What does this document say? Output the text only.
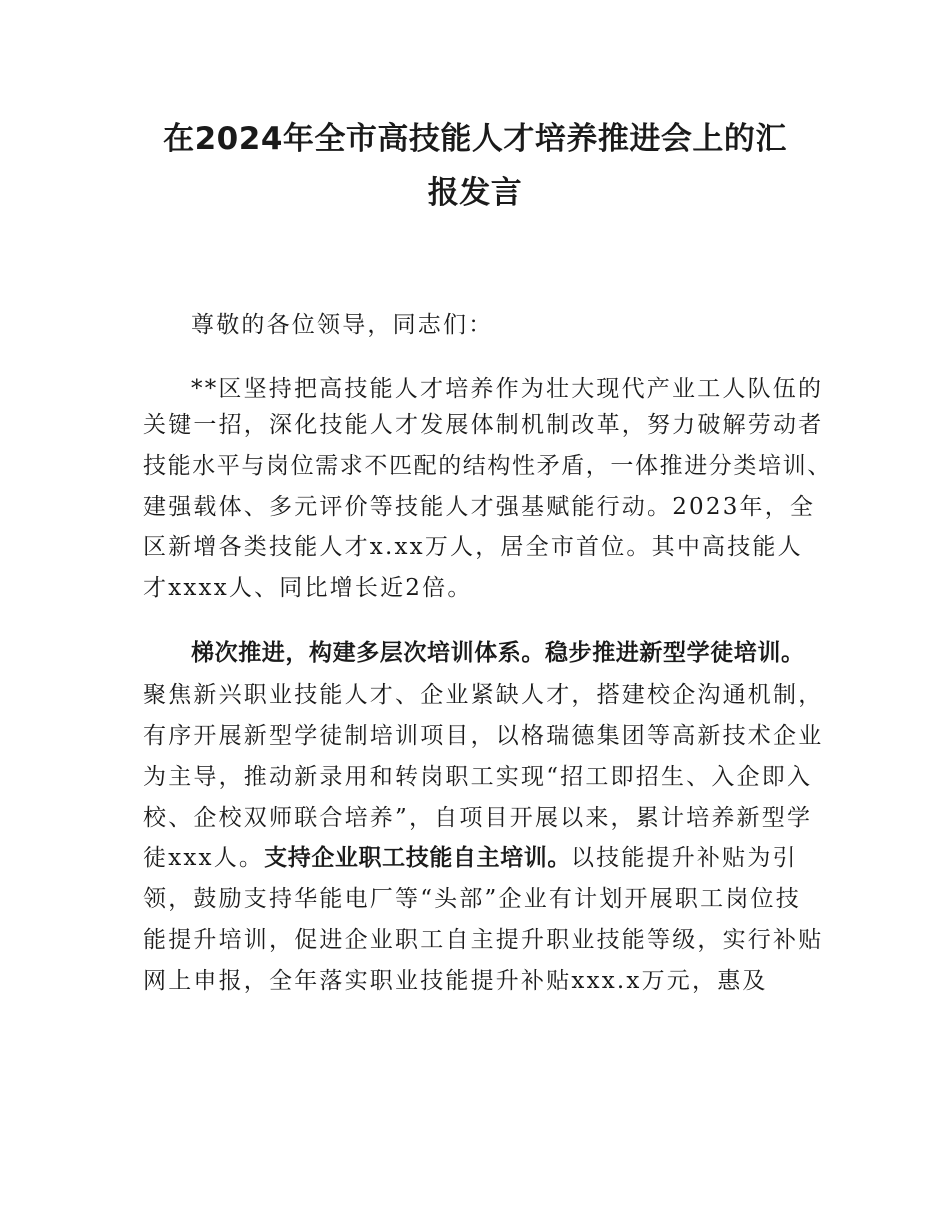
在2024年全市高技能人才培养推进会上的汇
报发言
尊敬的各位领导，同志们：
**区坚持把高技能人才培养作为壮大现代产业工人队伍的
关键一招，深化技能人才发展体制机制改革，努力破解劳动者
技能水平与岗位需求不匹配的结构性矛盾，一体推进分类培训、
建强载体、多元评价等技能人才强基赋能行动。2023年，全
区新增各类技能人才x.xx万人，居全市首位。其中高技能人
才xxxx人、同比增长近2倍。
梯次推进，构建多层次培训体系。稳步推进新型学徒培训。
聚焦新兴职业技能人才、企业紧缺人才，搭建校企沟通机制，
有序开展新型学徒制培训项目，以格瑞德集团等高新技术企业
为主导，推动新录用和转岗职工实现“招工即招生、入企即入
校、企校双师联合培养”，自项目开展以来，累计培养新型学
徒xxx人。支持企业职工技能自主培训。以技能提升补贴为引
领，鼓励支持华能电厂等“头部”企业有计划开展职工岗位技
能提升培训，促进企业职工自主提升职业技能等级，实行补贴
网上申报，全年落实职业技能提升补贴xxx.x万元，惠及
